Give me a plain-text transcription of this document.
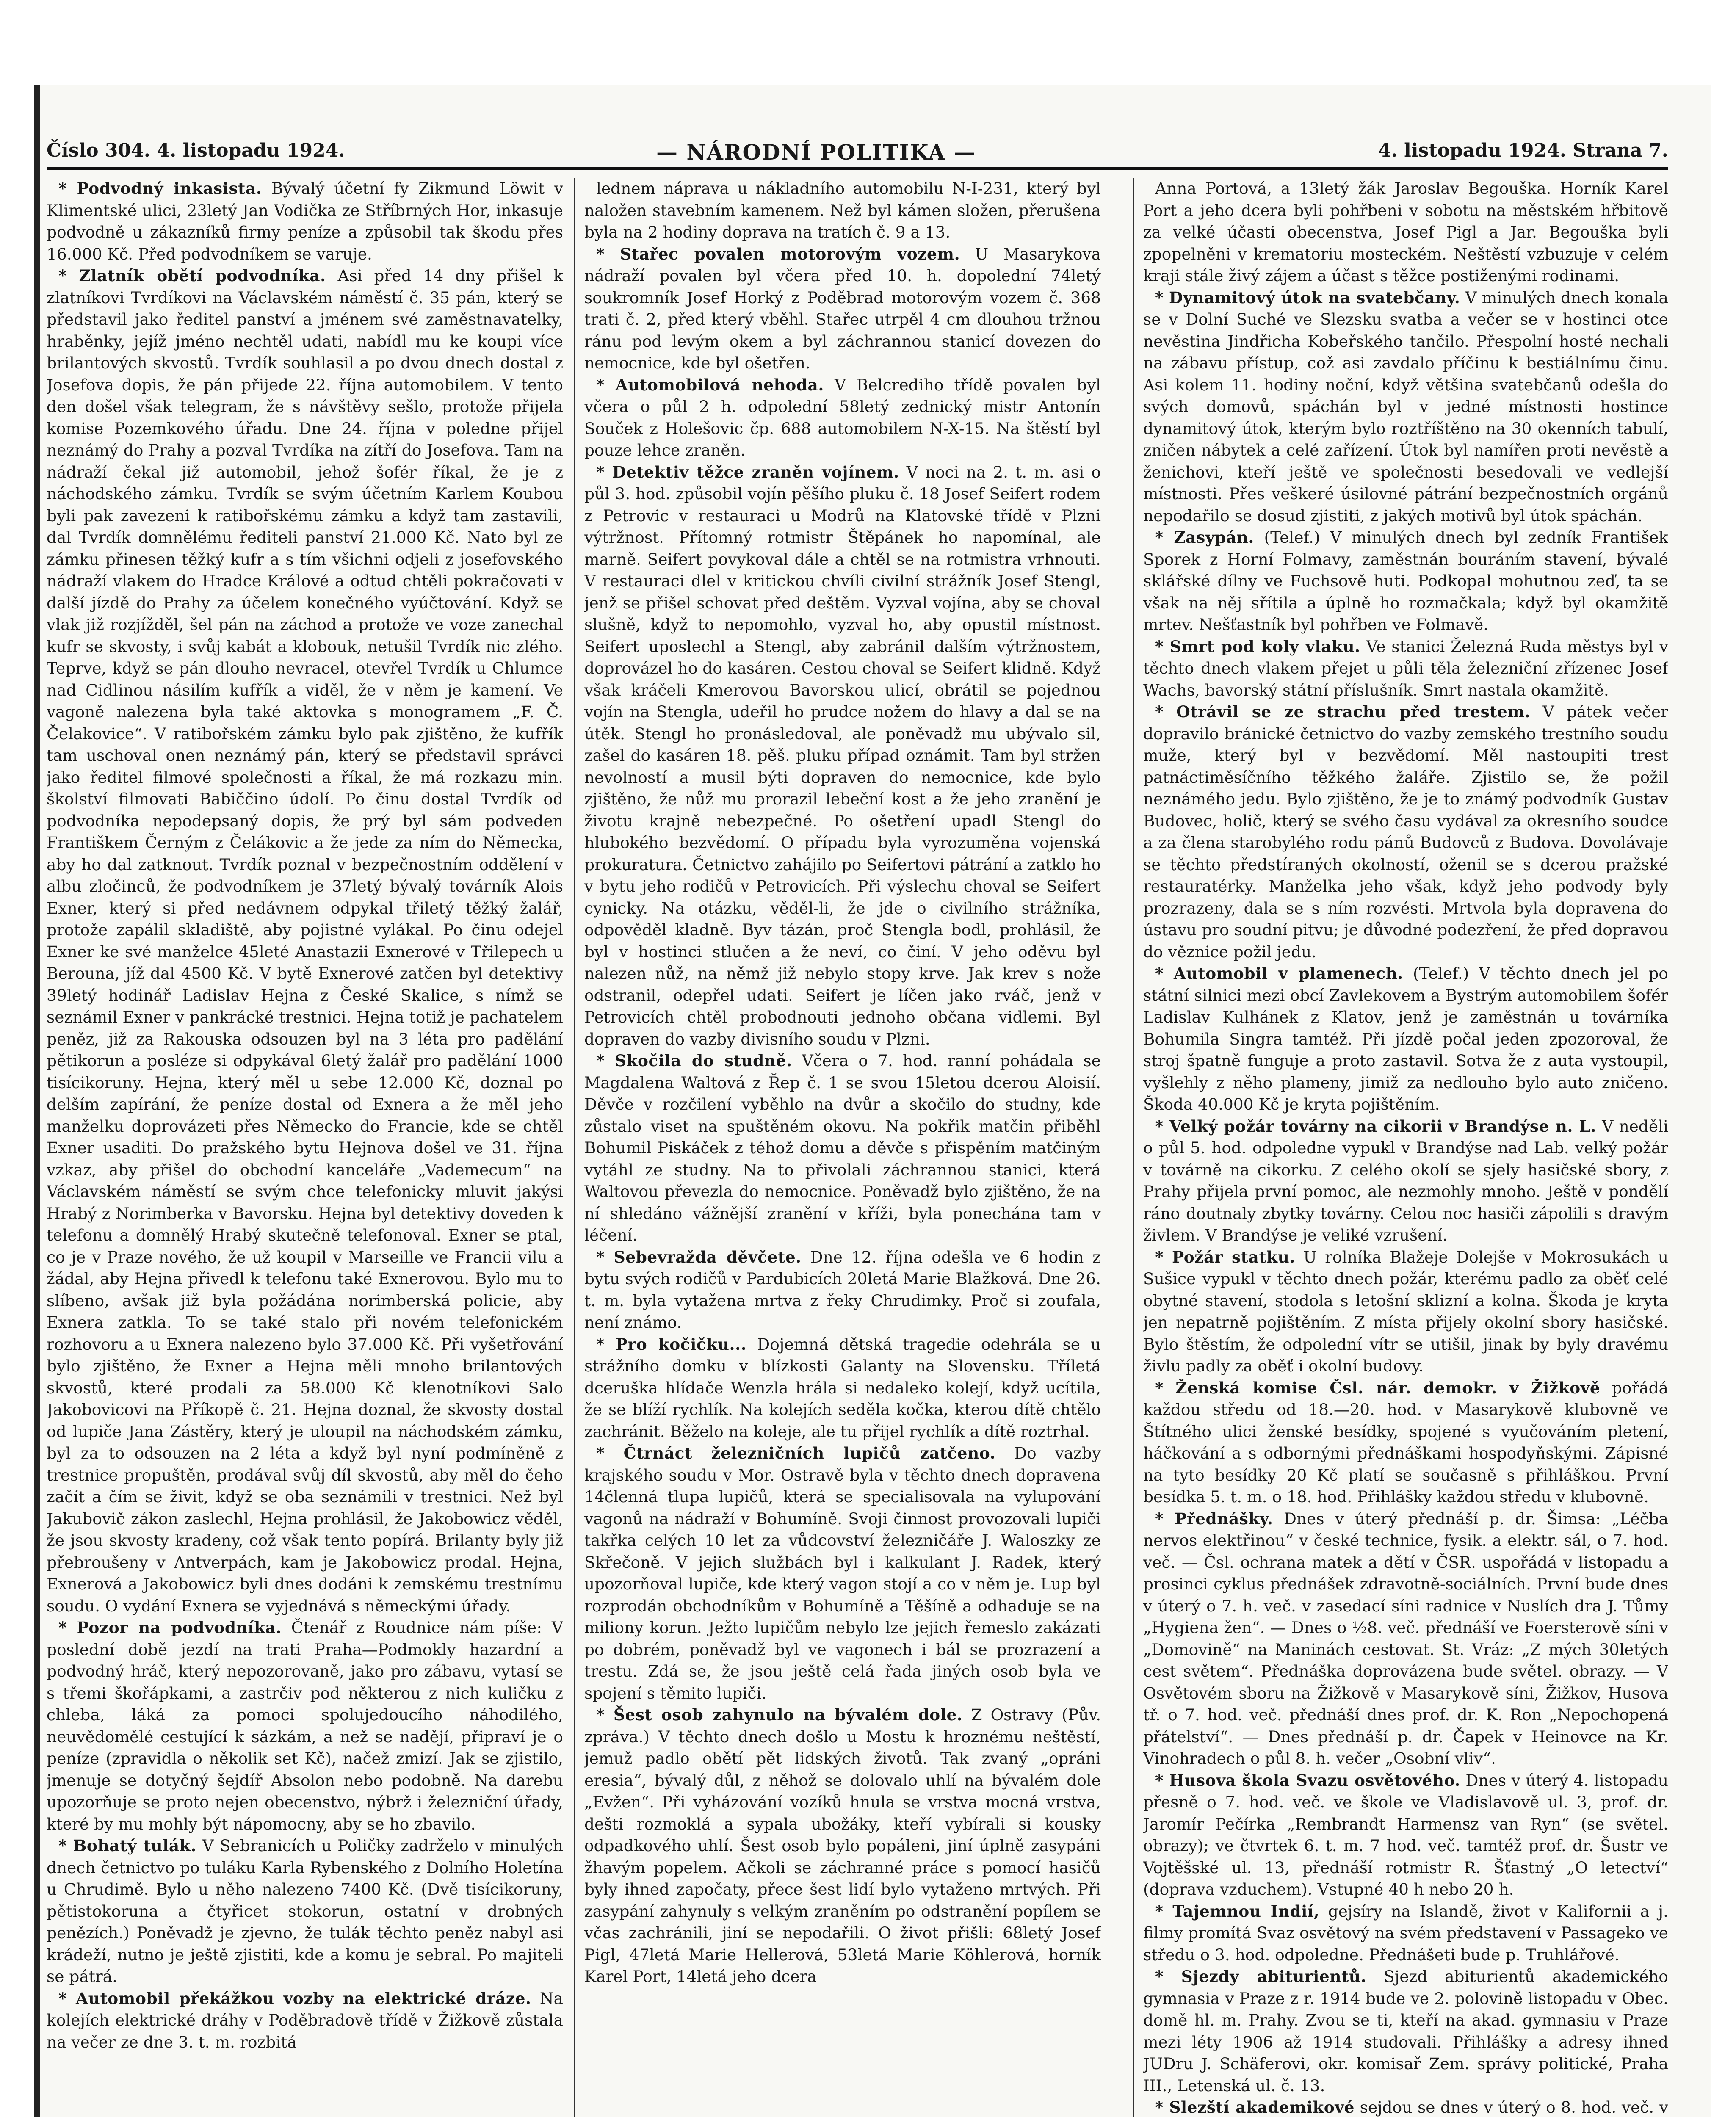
Číslo 304. 4. listopadu 1924.	— NÁRODNÍ POLITIKA —	4. listopadu 1924. Strana 7.

* Podvodný inkasista. Bývalý účetní fy Zikmund Löwit v Klimentské ulici, 23letý Jan Vodička ze Stříbrných Hor, inkasuje podvodně u zákazníků firmy peníze a způsobil tak škodu přes 16.000 Kč. Před podvodníkem se varuje.

* Zlatník obětí podvodníka. Asi před 14 dny přišel k zlatníkovi Tvrdíkovi na Václavském náměstí č. 35 pán, který se představil jako ředitel panství a jménem své zaměstnavatelky, hraběnky, jejíž jméno nechtěl udati, nabídl mu ke koupi více brilantových skvostů. Tvrdík souhlasil a po dvou dnech dostal z Josefova dopis, že pán přijede 22. října automobilem. V tento den došel však telegram, že s návštěvy sešlo, protože přijela komise Pozemkového úřadu. Dne 24. října v poledne přijel neznámý do Prahy a pozval Tvrdíka na zítří do Josefova. Tam na nádraží čekal již automobil, jehož šofér říkal, že je z náchodského zámku. Tvrdík se svým účetním Karlem Koubou byli pak zavezeni k ratibořskému zámku a když tam zastavili, dal Tvrdík domnělému řediteli panství 21.000 Kč. Nato byl ze zámku přinesen těžký kufr a s tím všichni odjeli z josefovského nádraží vlakem do Hradce Králové a odtud chtěli pokračovati v další jízdě do Prahy za účelem konečného vyúčtování. Když se vlak již rozjížděl, šel pán na záchod a protože ve voze zanechal kufr se skvosty, i svůj kabát a klobouk, netušil Tvrdík nic zlého. Teprve, když se pán dlouho nevracel, otevřel Tvrdík u Chlumce nad Cidlinou násilím kufřík a viděl, že v něm je kamení. Ve vagoně nalezena byla také aktovka s monogramem „F. Č. Čelakovice“. V ratibořském zámku bylo pak zjištěno, že kufřík tam uschoval onen neznámý pán, který se představil správci jako ředitel filmové společnosti a říkal, že má rozkazu min. školství filmovati Babiččino údolí. Po činu dostal Tvrdík od podvodníka nepodepsaný dopis, že prý byl sám podveden Františkem Černým z Čelákovic a že jede za ním do Německa, aby ho dal zatknout. Tvrdík poznal v bezpečnostním oddělení v albu zločinců, že podvodníkem je 37letý bývalý továrník Alois Exner, který si před nedávnem odpykal třiletý těžký žalář, protože zapálil skladiště, aby pojistné vylákal. Po činu odejel Exner ke své manželce 45leté Anastazii Exnerové v Třilepech u Berouna, jíž dal 4500 Kč. V bytě Exnerové zatčen byl detektivy 39letý hodinář Ladislav Hejna z České Skalice, s nímž se seznámil Exner v pankrácké trestnici. Hejna totiž je pachatelem peněz, již za Rakouska odsouzen byl na 3 léta pro padělání pětikorun a posléze si odpykával 6letý žalář pro padělání 1000 tisícikoruny. Hejna, který měl u sebe 12.000 Kč, doznal po delším zapírání, že peníze dostal od Exnera a že měl jeho manželku doprovázeti přes Německo do Francie, kde se chtěl Exner usaditi. Do pražského bytu Hejnova došel ve 31. října vzkaz, aby přišel do obchodní kanceláře „Vademecum“ na Václavském náměstí se svým chce telefonicky mluvit jakýsi Hrabý z Norimberka v Bavorsku. Hejna byl detektivy doveden k telefonu a domnělý Hrabý skutečně telefonoval. Exner se ptal, co je v Praze nového, že už koupil v Marseille ve Francii vilu a žádal, aby Hejna přivedl k telefonu také Exnerovou. Bylo mu to slíbeno, avšak již byla požádána norimberská policie, aby Exnera zatkla. To se také stalo při novém telefonickém rozhovoru a u Exnera nalezeno bylo 37.000 Kč. Při vyšetřování bylo zjištěno, že Exner a Hejna měli mnoho brilantových skvostů, které prodali za 58.000 Kč klenotníkovi Salo Jakobovicovi na Příkopě č. 21. Hejna doznal, že skvosty dostal od lupiče Jana Zástěry, který je uloupil na náchodském zámku, byl za to odsouzen na 2 léta a když byl nyní podmíněně z trestnice propuštěn, prodával svůj díl skvostů, aby měl do čeho začít a čím se živit, když se oba seznámili v trestnici. Než byl Jakubovič zákon zaslechl, Hejna prohlásil, že Jakobowicz věděl, že jsou skvosty kradeny, což však tento popírá. Brilanty byly již přebroušeny v Antverpách, kam je Jakobowicz prodal. Hejna, Exnerová a Jakobowicz byli dnes dodáni k zemskému trestnímu soudu. O vydání Exnera se vyjednává s německými úřady.

* Pozor na podvodníka. Čtenář z Roudnice nám píše: V poslední době jezdí na trati Praha—Podmokly hazardní a podvodný hráč, který nepozorovaně, jako pro zábavu, vytasí se s třemi škořápkami, a zastrčiv pod některou z nich kuličku z chleba, láká za pomoci spolujedoucího náhodilého, neuvědomělé cestující k sázkám, a než se nadějí, připraví je o peníze (zpravidla o několik set Kč), načež zmizí. Jak se zjistilo, jmenuje se dotyčný šejdíř Absolon nebo podobně. Na darebu upozorňuje se proto nejen obecenstvo, nýbrž i železniční úřady, které by mu mohly být nápomocny, aby se ho zbavilo.

* Bohatý tulák. V Sebranicích u Poličky zadrželo v minulých dnech četnictvo po tuláku Karla Rybenského z Dolního Holetína u Chrudimě. Bylo u něho nalezeno 7400 Kč. (Dvě tisícikoruny, pětistokoruna a čtyřicet stokorun, ostatní v drobných penězích.) Poněvadž je zjevno, že tulák těchto peněz nabyl asi krádeží, nutno je ještě zjistiti, kde a komu je sebral. Po majiteli se pátrá.

* Automobil překážkou vozby na elektrické dráze. Na kolejích elektrické dráhy v Poděbradově třídě v Žižkově zůstala na večer ze dne 3. t. m. rozbitá

lednem náprava u nákladního automobilu N-I-231, který byl naložen stavebním kamenem. Než byl kámen složen, přerušena byla na 2 hodiny doprava na tratích č. 9 a 13.

* Stařec povalen motorovým vozem. U Masarykova nádraží povalen byl včera před 10. h. dopolední 74letý soukromník Josef Horký z Poděbrad motorovým vozem č. 368 trati č. 2, před který vběhl. Stařec utrpěl 4 cm dlouhou tržnou ránu pod levým okem a byl záchrannou stanicí dovezen do nemocnice, kde byl ošetřen.

* Automobilová nehoda. V Belcrediho třídě povalen byl včera o půl 2 h. odpolední 58letý zednický mistr Antonín Souček z Holešovic čp. 688 automobilem N-X-15. Na štěstí byl pouze lehce zraněn.

* Detektiv těžce zraněn vojínem. V noci na 2. t. m. asi o půl 3. hod. způsobil vojín pěšího pluku č. 18 Josef Seifert rodem z Petrovic v restauraci u Modrů na Klatovské třídě v Plzni výtržnost. Přítomný rotmistr Štěpánek ho napomínal, ale marně. Seifert povykoval dále a chtěl se na rotmistra vrhnouti. V restauraci dlel v kritickou chvíli civilní strážník Josef Stengl, jenž se přišel schovat před deštěm. Vyzval vojína, aby se choval slušně, když to nepomohlo, vyzval ho, aby opustil místnost. Seifert uposlechl a Stengl, aby zabránil dalším výtržnostem, doprovázel ho do kasáren. Cestou choval se Seifert klidně. Když však kráčeli Kmerovou Bavorskou ulicí, obrátil se pojednou vojín na Stengla, udeřil ho prudce nožem do hlavy a dal se na útěk. Stengl ho pronásledoval, ale poněvadž mu ubývalo sil, zašel do kasáren 18. pěš. pluku případ oznámit. Tam byl stržen nevolností a musil býti dopraven do nemocnice, kde bylo zjištěno, že nůž mu prorazil lebeční kost a že jeho zranění je životu krajně nebezpečné. Po ošetření upadl Stengl do hlubokého bezvědomí. O případu byla vyrozuměna vojenská prokuratura. Četnictvo zahájilo po Seifertovi pátrání a zatklo ho v bytu jeho rodičů v Petrovicích. Při výslechu choval se Seifert cynicky. Na otázku, věděl-li, že jde o civilního strážníka, odpověděl kladně. Byv tázán, proč Stengla bodl, prohlásil, že byl v hostinci stlučen a že neví, co činí. V jeho oděvu byl nalezen nůž, na němž již nebylo stopy krve. Jak krev s nože odstranil, odepřel udati. Seifert je líčen jako rváč, jenž v Petrovicích chtěl probodnouti jednoho občana vidlemi. Byl dopraven do vazby divisního soudu v Plzni.

* Skočila do studně. Včera o 7. hod. ranní pohádala se Magdalena Waltová z Řep č. 1 se svou 15letou dcerou Aloisií. Děvče v rozčilení vyběhlo na dvůr a skočilo do studny, kde zůstalo viset na spuštěném okovu. Na pokřik matčin přiběhl Bohumil Piskáček z téhož domu a děvče s přispěním matčiným vytáhl ze studny. Na to přivolali záchrannou stanici, která Waltovou převezla do nemocnice. Poněvadž bylo zjištěno, že na ní shledáno vážnější zranění v kříži, byla ponechána tam v léčení.

* Sebevražda děvčete. Dne 12. října odešla ve 6 hodin z bytu svých rodičů v Pardubicích 20letá Marie Blažková. Dne 26. t. m. byla vytažena mrtva z řeky Chrudimky. Proč si zoufala, není známo.

* Pro kočičku... Dojemná dětská tragedie odehrála se u strážního domku v blízkosti Galanty na Slovensku. Tříletá dceruška hlídače Wenzla hrála si nedaleko kolejí, když ucítila, že se blíží rychlík. Na kolejích seděla kočka, kterou dítě chtělo zachránit. Běželo na koleje, ale tu přijel rychlík a dítě roztrhal.

* Čtrnáct železničních lupičů zatčeno. Do vazby krajského soudu v Mor. Ostravě byla v těchto dnech dopravena 14členná tlupa lupičů, která se specialisovala na vylupování vagonů na nádraží v Bohumíně. Svoji činnost provozovali lupiči takřka celých 10 let za vůdcovství železničáře J. Waloszky ze Skřečoně. V jejich službách byl i kalkulant J. Radek, který upozorňoval lupiče, kde který vagon stojí a co v něm je. Lup byl rozprodán obchodníkům v Bohumíně a Těšíně a odhaduje se na miliony korun. Ježto lupičům nebylo lze jejich řemeslo zakázati po dobrém, poněvadž byl ve vagonech i bál se prozrazení a trestu. Zdá se, že jsou ještě celá řada jiných osob byla ve spojení s těmito lupiči.

* Šest osob zahynulo na bývalém dole. Z Ostravy (Pův. zpráva.) V těchto dnech došlo u Mostu k hroznému neštěstí, jemuž padlo obětí pět lidských životů. Tak zvaný „opráni eresia“, bývalý důl, z něhož se dolovalo uhlí na bývalém dole „Evžen“. Při vyházování vozíků hnula se vrstva mocná vrstva, dešti rozmoklá a sypala ubožáky, kteří vybírali si kousky odpadkového uhlí. Šest osob bylo popáleni, jiní úplně zasypáni žhavým popelem. Ačkoli se záchranné práce s pomocí hasičů byly ihned započaty, přece šest lidí bylo vytaženo mrtvých. Při zasypání zahynuly s velkým zraněním po odstranění popílem se včas zachránili, jiní se nepodařili. O život přišli: 68letý Josef Pigl, 47letá Marie Hellerová, 53letá Marie Köhlerová, horník Karel Port, 14letá jeho dcera

Anna Portová, a 13letý žák Jaroslav Begouška. Horník Karel Port a jeho dcera byli pohřbeni v sobotu na městském hřbitově za velké účasti obecenstva, Josef Pigl a Jar. Begouška byli zpopelněni v krematoriu mosteckém. Neštěstí vzbuzuje v celém kraji stále živý zájem a účast s těžce postiženými rodinami.

* Dynamitový útok na svatebčany. V minulých dnech konala se v Dolní Suché ve Slezsku svatba a večer se v hostinci otce nevěstina Jindřicha Kobeřského tančilo. Přespolní hosté nechali na zábavu přístup, což asi zavdalo příčinu k bestiálnímu činu. Asi kolem 11. hodiny noční, když většina svatebčanů odešla do svých domovů, spáchán byl v jedné místnosti hostince dynamitový útok, kterým bylo roztříštěno na 30 okenních tabulí, zničen nábytek a celé zařízení. Útok byl namířen proti nevěstě a ženichovi, kteří ještě ve společnosti besedovali ve vedlejší místnosti. Přes veškeré úsilovné pátrání bezpečnostních orgánů nepodařilo se dosud zjistiti, z jakých motivů byl útok spáchán.

* Zasypán. (Telef.) V minulých dnech byl zedník František Sporek z Horní Folmavy, zaměstnán bouráním stavení, bývalé sklářské dílny ve Fuchsově huti. Podkopal mohutnou zeď, ta se však na něj sřítila a úplně ho rozmačkala; když byl okamžitě mrtev. Nešťastník byl pohřben ve Folmavě.

* Smrt pod koly vlaku. Ve stanici Železná Ruda městys byl v těchto dnech vlakem přejet u půli těla železniční zřízenec Josef Wachs, bavorský státní příslušník. Smrt nastala okamžitě.

* Otrávil se ze strachu před trestem. V pátek večer dopravilo bránické četnictvo do vazby zemského trestního soudu muže, který byl v bezvědomí. Měl nastoupiti trest patnáctiměsíčního těžkého žaláře. Zjistilo se, že požil neznámého jedu. Bylo zjištěno, že je to známý podvodník Gustav Budovec, holič, který se svého času vydával za okresního soudce a za člena starobylého rodu pánů Budovců z Budova. Dovolávaje se těchto předstíraných okolností, oženil se s dcerou pražské restauratérky. Manželka jeho však, když jeho podvody byly prozrazeny, dala se s ním rozvésti. Mrtvola byla dopravena do ústavu pro soudní pitvu; je důvodné podezření, že před dopravou do věznice požil jedu.

* Automobil v plamenech. (Telef.) V těchto dnech jel po státní silnici mezi obcí Zavlekovem a Bystrým automobilem šofér Ladislav Kulhánek z Klatov, jenž je zaměstnán u továrníka Bohumila Singra tamtéž. Při jízdě počal jeden zpozoroval, že stroj špatně funguje a proto zastavil. Sotva že z auta vystoupil, vyšlehly z něho plameny, jimiž za nedlouho bylo auto zničeno. Škoda 40.000 Kč je kryta pojištěním.

* Velký požár továrny na cikorii v Brandýse n. L. V neděli o půl 5. hod. odpoledne vypukl v Brandýse nad Lab. velký požár v továrně na cikorku. Z celého okolí se sjely hasičské sbory, z Prahy přijela první pomoc, ale nezmohly mnoho. Ještě v pondělí ráno doutnaly zbytky továrny. Celou noc hasiči zápolili s dravým živlem. V Brandýse je veliké vzrušení.

* Požár statku. U rolníka Blažeje Dolejše v Mokrosukách u Sušice vypukl v těchto dnech požár, kterému padlo za oběť celé obytné stavení, stodola s letošní sklizní a kolna. Škoda je kryta jen nepatrně pojištěním. Z místa přijely okolní sbory hasičské. Bylo štěstím, že odpolední vítr se utišil, jinak by byly dravému živlu padly za oběť i okolní budovy.

* Ženská komise Čsl. nár. demokr. v Žižkově pořádá každou středu od 18.—20. hod. v Masarykově klubovně ve Štítného ulici ženské besídky, spojené s vyučováním pletení, háčkování a s odbornými přednáškami hospodyňskými. Zápisné na tyto besídky 20 Kč platí se současně s přihláškou. První besídka 5. t. m. o 18. hod. Přihlášky každou středu v klubovně.

* Přednášky. Dnes v úterý přednáší p. dr. Šimsa: „Léčba nervos elektřinou“ v české technice, fysik. a elektr. sál, o 7. hod. več. — Čsl. ochrana matek a dětí v ČSR. uspořádá v listopadu a prosinci cyklus přednášek zdravotně-sociálních. První bude dnes v úterý o 7. h. več. v zasedací síni radnice v Nuslích dra J. Tůmy „Hygiena žen“. — Dnes o ½8. več. přednáší ve Foersterově síni v „Domovině“ na Maninách cestovat. St. Vráz: „Z mých 30letých cest světem“. Přednáška doprovázena bude světel. obrazy. — V Osvětovém sboru na Žižkově v Masarykově síni, Žižkov, Husova tř. o 7. hod. več. přednáší dnes prof. dr. K. Ron „Nepochopená přátelství“. — Dnes přednáší p. dr. Čapek v Heinovce na Kr. Vinohradech o půl 8. h. večer „Osobní vliv“.

* Husova škola Svazu osvětového. Dnes v úterý 4. listopadu přesně o 7. hod. več. ve škole ve Vladislavově ul. 3, prof. dr. Jaromír Pečírka „Rembrandt Harmensz van Ryn“ (se světel. obrazy); ve čtvrtek 6. t. m. 7 hod. več. tamtéž prof. dr. Šustr ve Vojtěšské ul. 13, přednáší rotmistr R. Šťastný „O letectví“ (doprava vzduchem). Vstupné 40 h nebo 20 h.

* Tajemnou Indií, gejsíry na Islandě, život v Kalifornii a j. filmy promítá Svaz osvětový na svém představení v Passageko ve středu o 3. hod. odpoledne. Přednášeti bude p. Truhlářové.

* Sjezdy abiturientů. Sjezd abiturientů akademického gymnasia v Praze z r. 1914 bude ve 2. polovině listopadu v Obec. domě hl. m. Prahy. Zvou se ti, kteří na akad. gymnasiu v Praze mezi léty 1906 až 1914 studovali. Přihlášky a adresy ihned JUDru J. Schäferovi, okr. komisař Zem. správy politické, Praha III., Letenská ul. č. 13.

* Slezští akademikové sejdou se dnes v úterý o 8. hod. več. v
